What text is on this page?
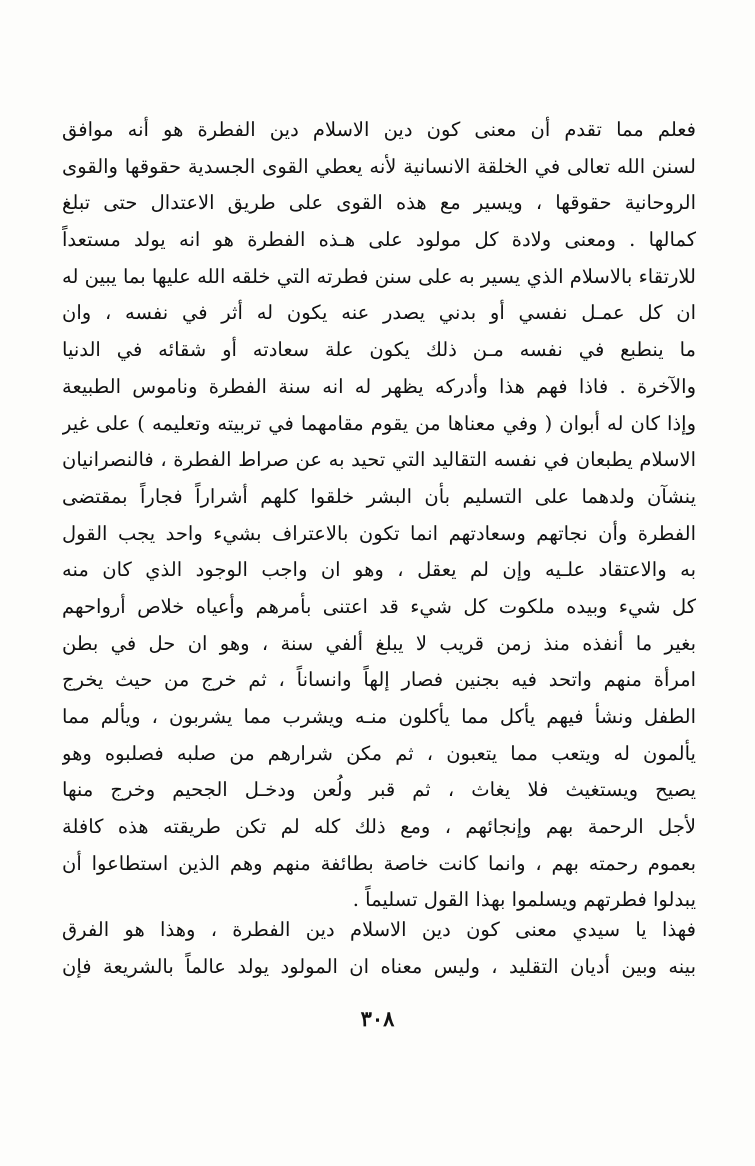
فعلم مما تقدم أن معنى كون دين الاسلام دين الفطرة هو أنه موافق
لسنن الله تعالى في الخلقة الانسانية لأنه يعطي القوى الجسدية حقوقها والقوى
الروحانية حقوقها ، ويسير مع هذه القوى على طريق الاعتدال حتى تبلغ
كمالها . ومعنى ولادة كل مولود على هـذه الفطرة هو انه يولد مستعداً
للارتقاء بالاسلام الذي يسير به على سنن فطرته التي خلقه الله عليها بما يبين له
ان كل عمـل نفسي أو بدني يصدر عنه يكون له أثر في نفسه ، وان
ما ينطبع في نفسه مـن ذلك يكون علة سعادته أو شقائه في الدنيا
والآخرة . فاذا فهم هذا وأدركه يظهر له انه سنة الفطرة وناموس الطبيعة
وإذا كان له أبوان ( وفي معناها من يقوم مقامهما في تربيته وتعليمه ) على غير
الاسلام يطبعان في نفسه التقاليد التي تحيد به عن صراط الفطرة ، فالنصرانيان
ينشآن ولدهما على التسليم بأن البشر خلقوا كلهم أشراراً فجاراً بمقتضى
الفطرة وأن نجاتهم وسعادتهم انما تكون بالاعتراف بشيء واحد يجب القول
به والاعتقاد علـيه وإن لم يعقل ، وهو ان واجب الوجود الذي كان منه
كل شيء وبيده ملكوت كل شيء قد اعتنى بأمرهم وأعياه خلاص أرواحهم
بغير ما أنفذه منذ زمن قريب لا يبلغ ألفي سنة ، وهو ان حل في بطن
امرأة منهم واتحد فيه بجنين فصار إلهاً وانساناً ، ثم خرج من حيث يخرج
الطفل ونشأ فيهم يأكل مما يأكلون منـه ويشرب مما يشربون ، ويألم مما
يألمون له ويتعب مما يتعبون ، ثم مكن شرارهم من صلبه فصلبوه وهو
يصيح ويستغيث فلا يغاث ، ثم قبر ولُعن ودخـل الجحيم وخرج منها
لأجل الرحمة بهم وإنجائهم ، ومع ذلك كله لم تكن طريقته هذه كافلة
بعموم رحمته بهم ، وانما كانت خاصة بطائفة منهم وهم الذين استطاعوا أن
يبدلوا فطرتهم ويسلموا بهذا القول تسليماً .
فهذا يا سيدي معنى كون دين الاسلام دين الفطرة ، وهذا هو الفرق
بينه وبين أديان التقليد ، وليس معناه ان المولود يولد عالماً بالشريعة فإن
٣٠٨
